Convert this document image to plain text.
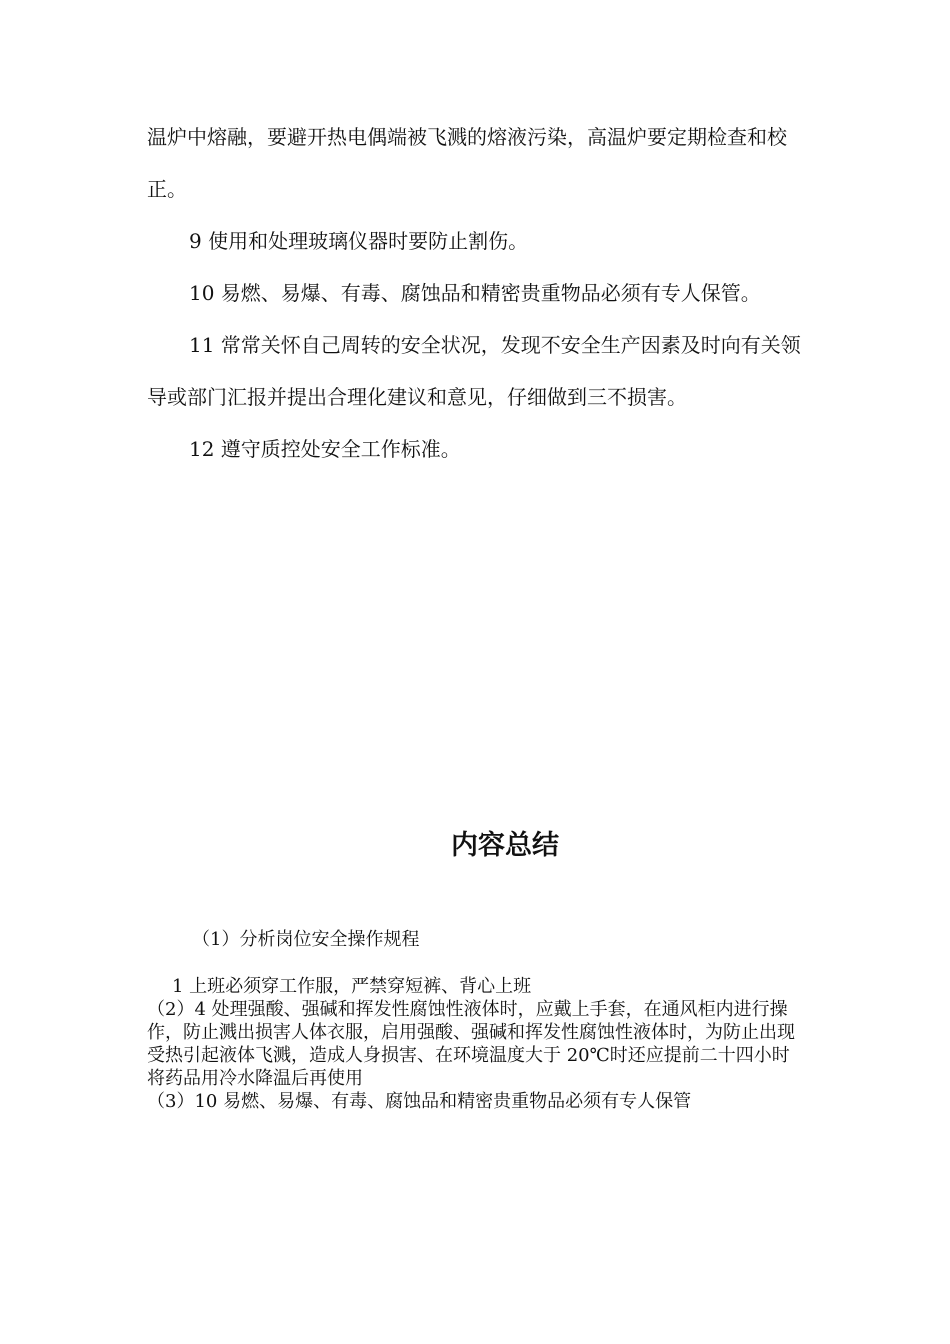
温炉中熔融，要避开热电偶端被飞溅的熔液污染，高温炉要定期检查和校正。

9 使用和处理玻璃仪器时要防止割伤。

10 易燃、易爆、有毒、腐蚀品和精密贵重物品必须有专人保管。

11 常常关怀自己周转的安全状况，发现不安全生产因素及时向有关领导或部门汇报并提出合理化建议和意见，仔细做到三不损害。

12 遵守质控处安全工作标准。

内容总结

（1）分析岗位安全操作规程

1 上班必须穿工作服，严禁穿短裤、背心上班
（2）4 处理强酸、强碱和挥发性腐蚀性液体时，应戴上手套，在通风柜内进行操作，防止溅出损害人体衣服，启用强酸、强碱和挥发性腐蚀性液体时，为防止出现受热引起液体飞溅，造成人身损害、在环境温度大于 20℃时还应提前二十四小时将药品用冷水降温后再使用
（3）10 易燃、易爆、有毒、腐蚀品和精密贵重物品必须有专人保管
